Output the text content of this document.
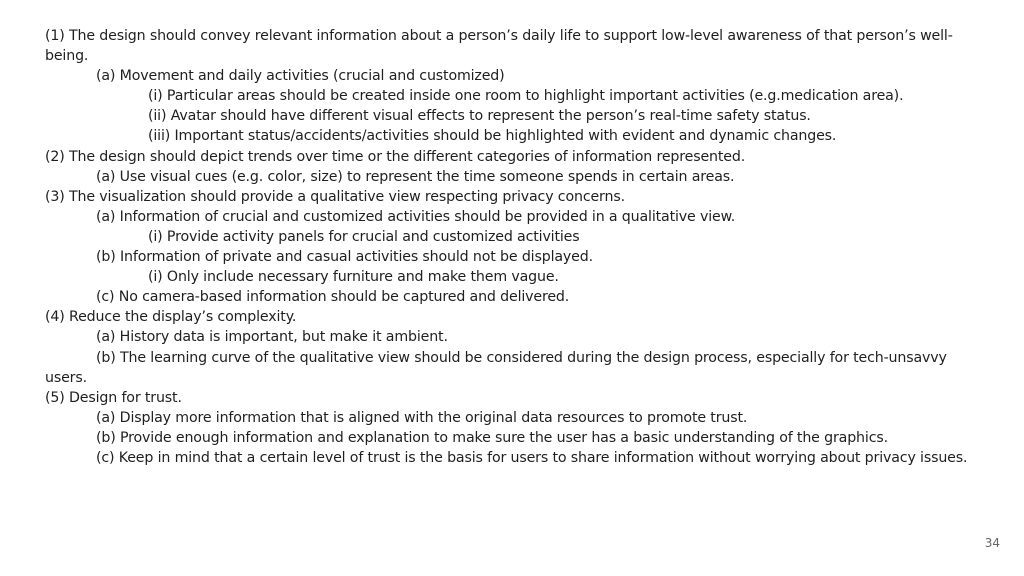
(1) The design should convey relevant information about a person’s daily life to support low-level awareness of that person’s well-being.
(a) Movement and daily activities (crucial and customized)
(i) Particular areas should be created inside one room to highlight important activities (e.g.medication area).
(ii) Avatar should have different visual effects to represent the person’s real-time safety status.
(iii) Important status/accidents/activities should be highlighted with evident and dynamic changes.
(2) The design should depict trends over time or the different categories of information represented.
(a) Use visual cues (e.g. color, size) to represent the time someone spends in certain areas.
(3) The visualization should provide a qualitative view respecting privacy concerns.
(a) Information of crucial and customized activities should be provided in a qualitative view.
(i) Provide activity panels for crucial and customized activities
(b) Information of private and casual activities should not be displayed.
(i) Only include necessary furniture and make them vague.
(c) No camera-based information should be captured and delivered.
(4) Reduce the display’s complexity.
(a) History data is important, but make it ambient.
(b) The learning curve of the qualitative view should be considered during the design process, especially for tech-unsavvy users.
(5) Design for trust.
(a) Display more information that is aligned with the original data resources to promote trust.
(b) Provide enough information and explanation to make sure the user has a basic understanding of the graphics.
(c) Keep in mind that a certain level of trust is the basis for users to share information without worrying about privacy issues.
34
